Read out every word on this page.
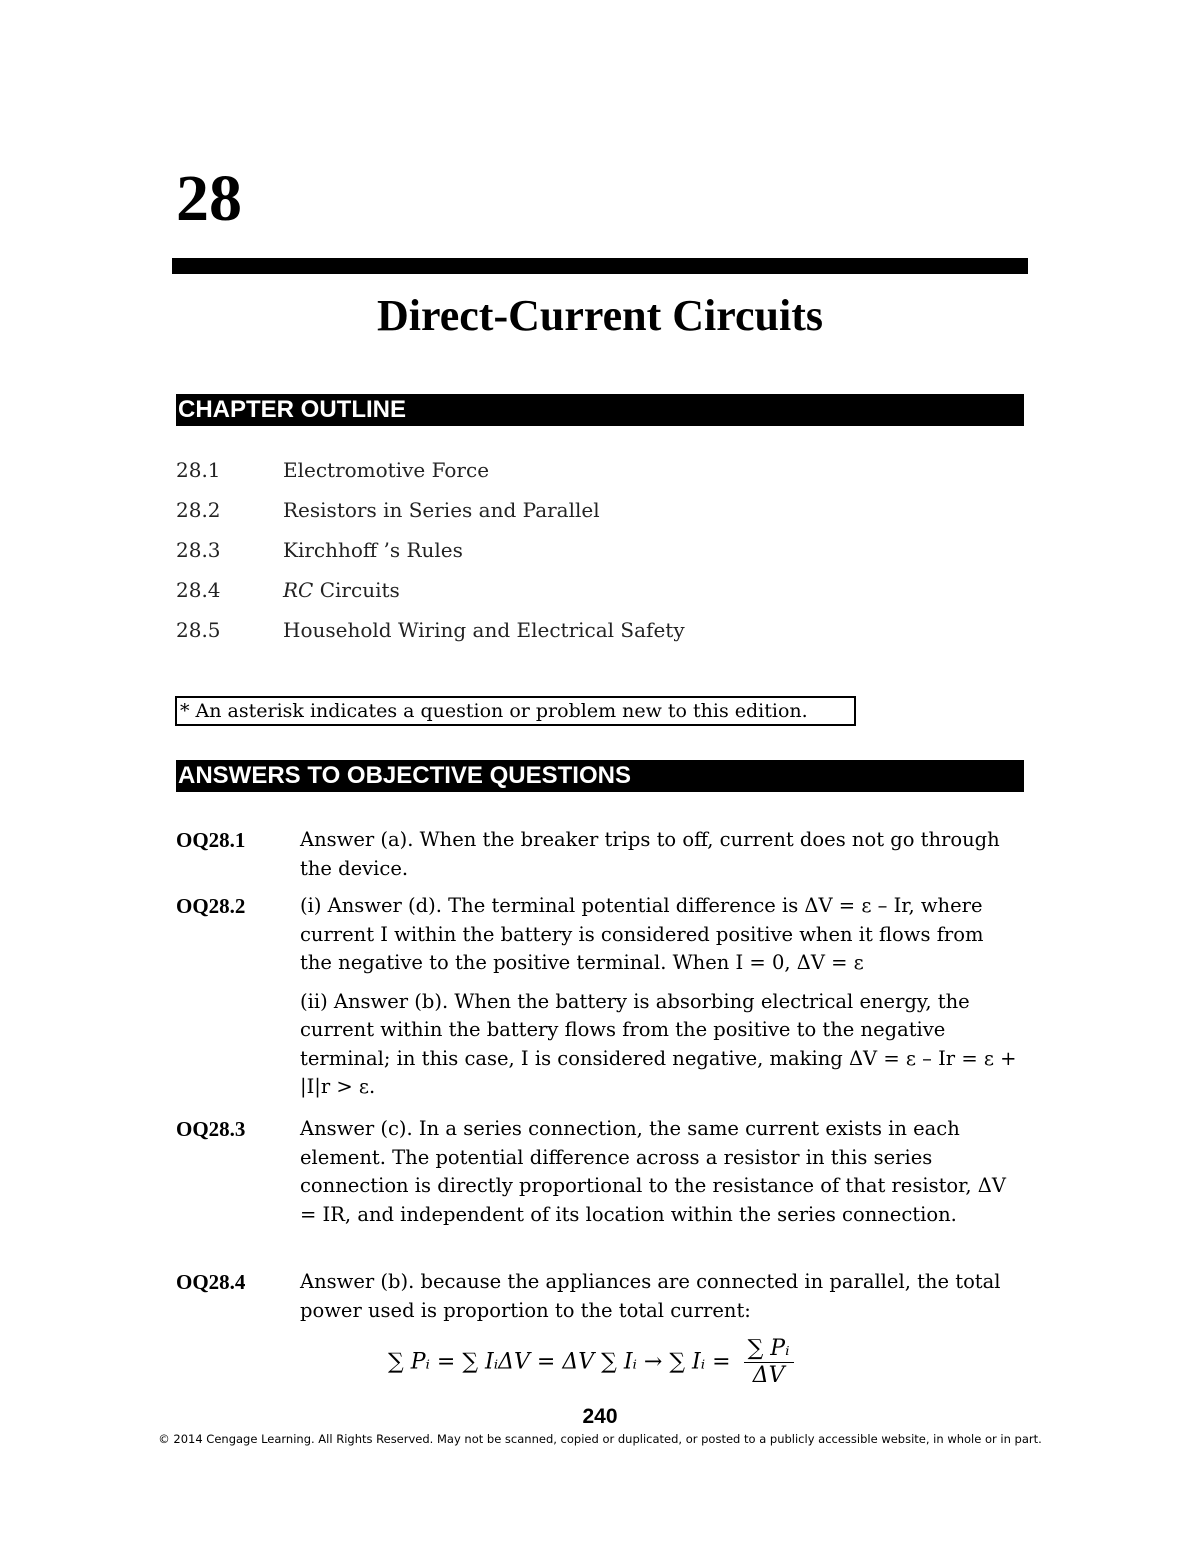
28
Direct-Current Circuits
CHAPTER OUTLINE
28.1	Electromotive Force
28.2	Resistors in Series and Parallel
28.3	Kirchhoff ’s Rules
28.4	RC Circuits
28.5	Household Wiring and Electrical Safety
* An asterisk indicates a question or problem new to this edition.
ANSWERS TO OBJECTIVE QUESTIONS
OQ28.1	Answer (a). When the breaker trips to off, current does not go through the device.

OQ28.2	(i) Answer (d). The terminal potential difference is ΔV = ε – Ir, where current I within the battery is considered positive when it flows from the negative to the positive terminal. When I = 0, ΔV = ε

(ii) Answer (b). When the battery is absorbing electrical energy, the current within the battery flows from the positive to the negative terminal; in this case, I is considered negative, making ΔV = ε – Ir = ε + |I|r > ε.

OQ28.3	Answer (c). In a series connection, the same current exists in each element. The potential difference across a resistor in this series connection is directly proportional to the resistance of that resistor, ΔV = IR, and independent of its location within the series connection.

OQ28.4	Answer (b). because the appliances are connected in parallel, the total power used is proportion to the total current:

∑ Pᵢ = ∑ IᵢΔV = ΔV ∑ Iᵢ → ∑ Iᵢ = $\frac{\text{∑ Pᵢ}}{\Delta V}$
240
© 2014 Cengage Learning. All Rights Reserved. May not be scanned, copied or duplicated, or posted to a publicly accessible website, in whole or in part.
